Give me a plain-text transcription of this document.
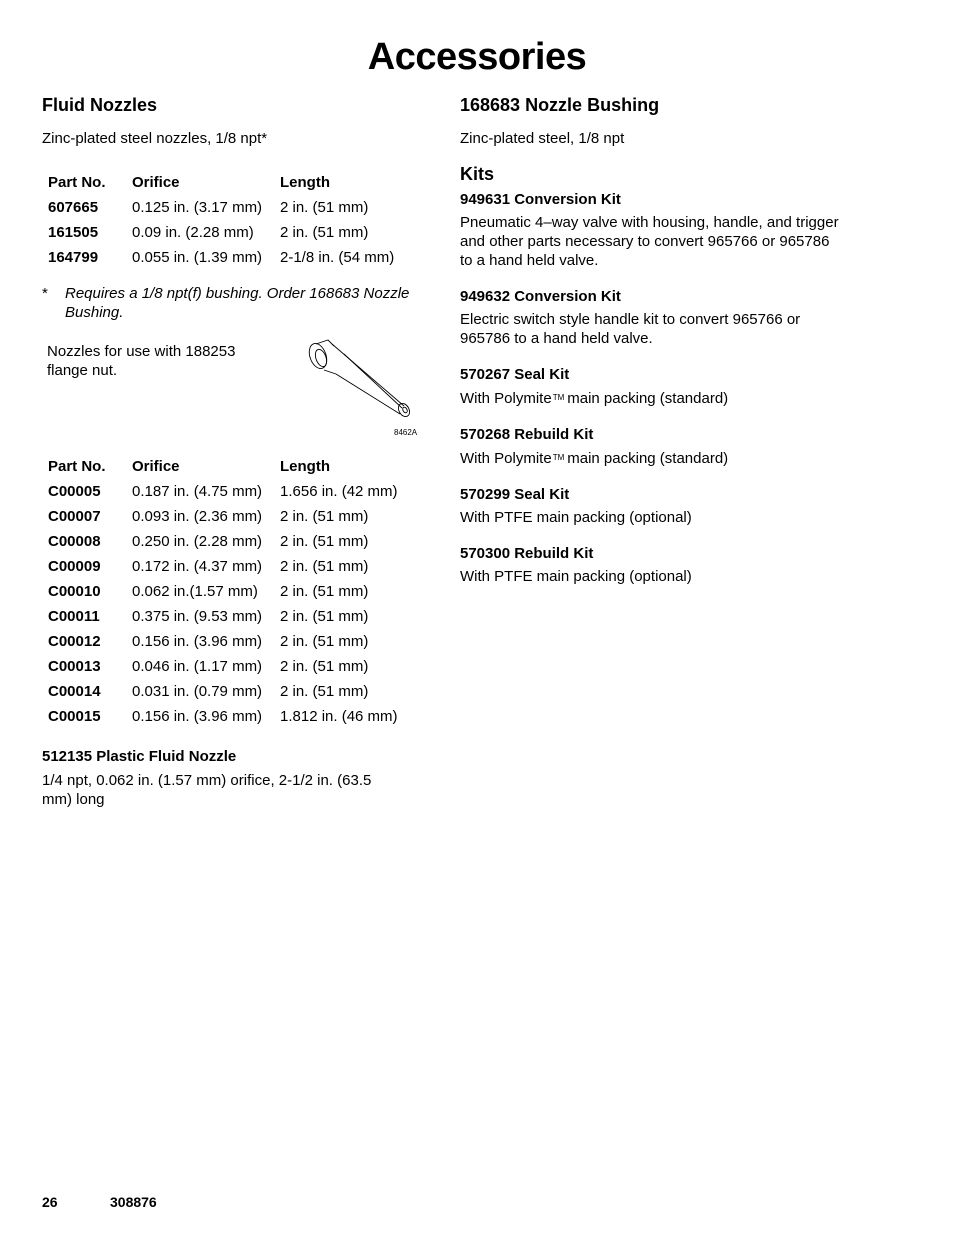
Accessories
Fluid Nozzles

Zinc-plated steel nozzles, 1/8 npt*

Part No.	Orifice	Length
607665	0.125 in. (3.17 mm)	2 in. (51 mm)
161505	0.09 in. (2.28 mm)	2 in. (51 mm)
164799	0.055 in. (1.39 mm)	2-1/8 in. (54 mm)
*	Requires a 1/8 npt(f) bushing. Order 168683 Nozzle Bushing.

Nozzles for use with 188253 flange nut.

8462A
Part No.	Orifice	Length
C00005	0.187 in. (4.75 mm)	1.656 in. (42 mm)
C00007	0.093 in. (2.36 mm)	2 in. (51 mm)
C00008	0.250 in. (2.28 mm)	2 in. (51 mm)
C00009	0.172 in. (4.37 mm)	2 in. (51 mm)
C00010	0.062 in.(1.57 mm)	2 in. (51 mm)
C00011	0.375 in. (9.53 mm)	2 in. (51 mm)
C00012	0.156 in. (3.96 mm)	2 in. (51 mm)
C00013	0.046 in. (1.17 mm)	2 in. (51 mm)
C00014	0.031 in. (0.79 mm)	2 in. (51 mm)
C00015	0.156 in. (3.96 mm)	1.812 in. (46 mm)
512135 Plastic Fluid Nozzle

1/4 npt, 0.062 in. (1.57 mm) orifice, 2-1/2 in. (63.5 mm) long

168683 Nozzle Bushing

Zinc-plated steel, 1/8 npt

Kits
949631 Conversion Kit

Pneumatic 4–way valve with housing, handle, and trigger and other parts necessary to convert 965766 or 965786 to a hand held valve.

949632 Conversion Kit

Electric switch style handle kit to convert 965766 or 965786 to a hand held valve.

570267 Seal Kit

With Polymite™ main packing (standard)

570268 Rebuild Kit

With Polymite™ main packing (standard)

570299 Seal Kit

With PTFE main packing (optional)

570300 Rebuild Kit

With PTFE main packing (optional)

26	308876
